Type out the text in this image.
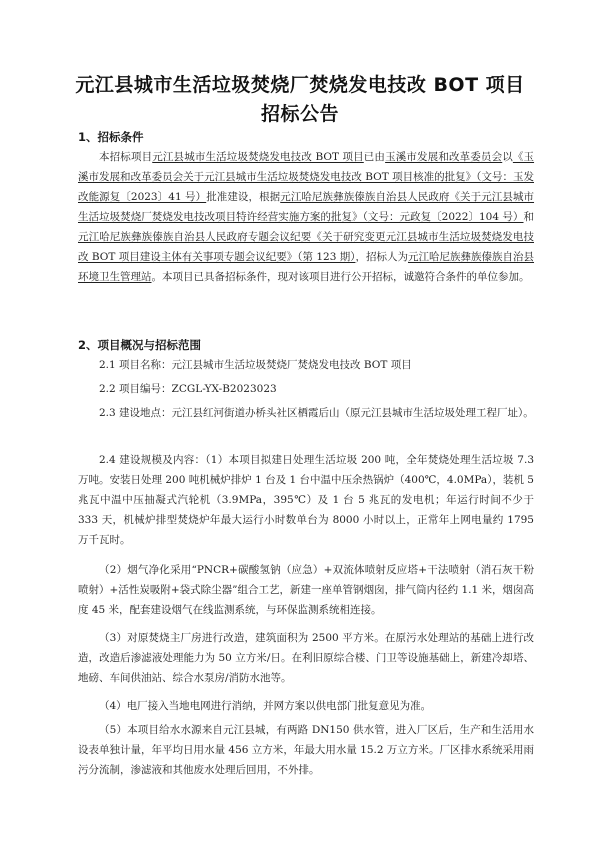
元江县城市生活垃圾焚烧厂焚烧发电技改 BOT 项目
招标公告
1、招标条件
本招标项目元江县城市生活垃圾焚烧发电技改 BOT 项目已由玉溪市发展和改革委员会以《玉溪市发展和改革委员会关于元江县城市生活垃圾焚烧发电技改 BOT 项目核准的批复》（文号：玉发改能源复〔2023〕41 号）批准建设，根据元江哈尼族彝族傣族自治县人民政府《关于元江县城市生活垃圾焚烧厂焚烧发电技改项目特许经营实施方案的批复》（文号：元政复〔2022〕104 号）和元江哈尼族彝族傣族自治县人民政府专题会议纪要《关于研究变更元江县城市生活垃圾焚烧发电技改 BOT 项目建设主体有关事项专题会议纪要》（第 123 期），招标人为元江哈尼族彝族傣族自治县环境卫生管理站。本项目已具备招标条件，现对该项目进行公开招标，诚邀符合条件的单位参加。
2、项目概况与招标范围
2.1 项目名称：元江县城市生活垃圾焚烧厂焚烧发电技改 BOT 项目
2.2 项目编号：ZCGL-YX-B2023023
2.3 建设地点：元江县红河街道办桥头社区栖霞后山（原元江县城市生活垃圾处理工程厂址）。
2.4 建设规模及内容：（1）本项目拟建日处理生活垃圾 200 吨，全年焚烧处理生活垃圾 7.3 万吨。安装日处理 200 吨机械炉排炉 1 台及 1 台中温中压余热锅炉（400℃，4.0MPa），装机 5 兆瓦中温中压抽凝式汽轮机（3.9MPa，395℃）及 1 台 5 兆瓦的发电机；年运行时间不少于 333 天，机械炉排型焚烧炉年最大运行小时数单台为 8000 小时以上，正常年上网电量约 1795 万千瓦时。
（2）烟气净化采用“PNCR+碳酸氢钠（应急）+双流体喷射反应塔+干法喷射（消石灰干粉喷射）+活性炭吸附+袋式除尘器”组合工艺，新建一座单管钢烟囱，排气筒内径约 1.1 米，烟囱高度 45 米，配套建设烟气在线监测系统，与环保监测系统相连接。
（3）对原焚烧主厂房进行改造，建筑面积为 2500 平方米。在原污水处理站的基础上进行改造，改造后渗滤液处理能力为 50 立方米/日。在利旧原综合楼、门卫等设施基础上，新建冷却塔、地磅、车间供油站、综合水泵房/消防水池等。
（4）电厂接入当地电网进行消纳，并网方案以供电部门批复意见为准。
（5）本项目给水水源来自元江县城，有两路 DN150 供水管，进入厂区后，生产和生活用水设表单独计量，年平均日用水量 456 立方米，年最大用水量 15.2 万立方米。厂区排水系统采用雨污分流制，渗滤液和其他废水处理后回用，不外排。
